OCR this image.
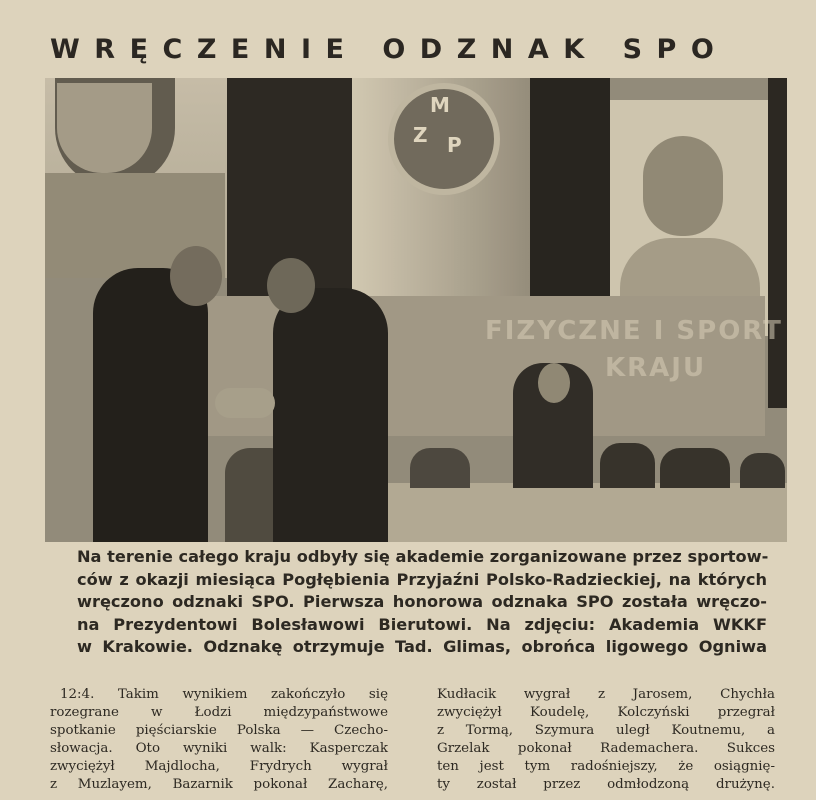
WRĘCZENIE ODZNAK SPO
M
Z P
FIZYCZNE I SPORT
KRAJU
Na terenie całego kraju odbyły się akademie zorganizowane przez sportow-
ców z okazji miesiąca Pogłębienia Przyjaźni Polsko-Radzieckiej, na których
wręczono odznaki SPO. Pierwsza honorowa odznaka SPO została wręczo-
na Prezydentowi Bolesławowi Bierutowi. Na zdjęciu: Akademia WKKF
w Krakowie. Odznakę otrzymuje Tad. Glimas, obrońca ligowego Ogniwa
12:4. Takim wynikiem zakończyło się
rozegrane w Łodzi międzypaństwowe
spotkanie pięściarskie Polska — Czecho-
słowacja. Oto wyniki walk: Kasperczak
zwyciężył Majdlocha, Frydrych wygrał
z Muzlayem, Bazarnik pokonał Zacharę,
Kudłacik wygrał z Jarosem, Chychła
zwyciężył Koudelę, Kolczyński przegrał
z Tormą, Szymura uległ Koutnemu, a
Grzelak pokonał Rademachera. Sukces
ten jest tym radośniejszy, że osiągnię-
ty został przez odmłodzoną drużynę.
